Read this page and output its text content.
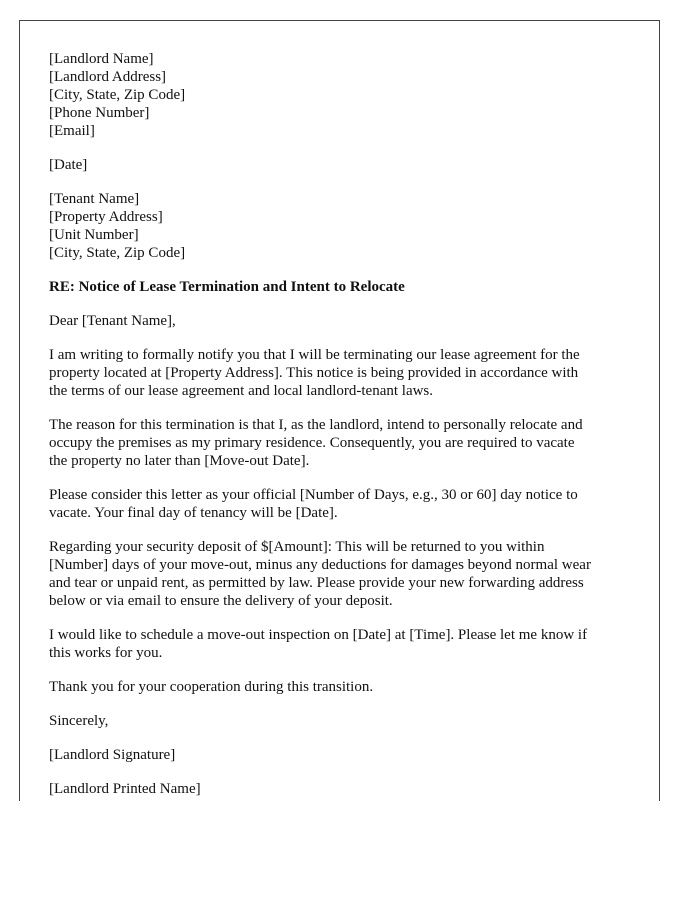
[Landlord Name]
[Landlord Address]
[City, State, Zip Code]
[Phone Number]
[Email]
[Date]
[Tenant Name]
[Property Address]
[Unit Number]
[City, State, Zip Code]
RE: Notice of Lease Termination and Intent to Relocate
Dear [Tenant Name],
I am writing to formally notify you that I will be terminating our lease agreement for the
property located at [Property Address]. This notice is being provided in accordance with
the terms of our lease agreement and local landlord-tenant laws.
The reason for this termination is that I, as the landlord, intend to personally relocate and
occupy the premises as my primary residence. Consequently, you are required to vacate
the property no later than [Move-out Date].
Please consider this letter as your official [Number of Days, e.g., 30 or 60] day notice to
vacate. Your final day of tenancy will be [Date].
Regarding your security deposit of $[Amount]: This will be returned to you within
[Number] days of your move-out, minus any deductions for damages beyond normal wear
and tear or unpaid rent, as permitted by law. Please provide your new forwarding address
below or via email to ensure the delivery of your deposit.
I would like to schedule a move-out inspection on [Date] at [Time]. Please let me know if
this works for you.
Thank you for your cooperation during this transition.
Sincerely,
[Landlord Signature]
[Landlord Printed Name]
